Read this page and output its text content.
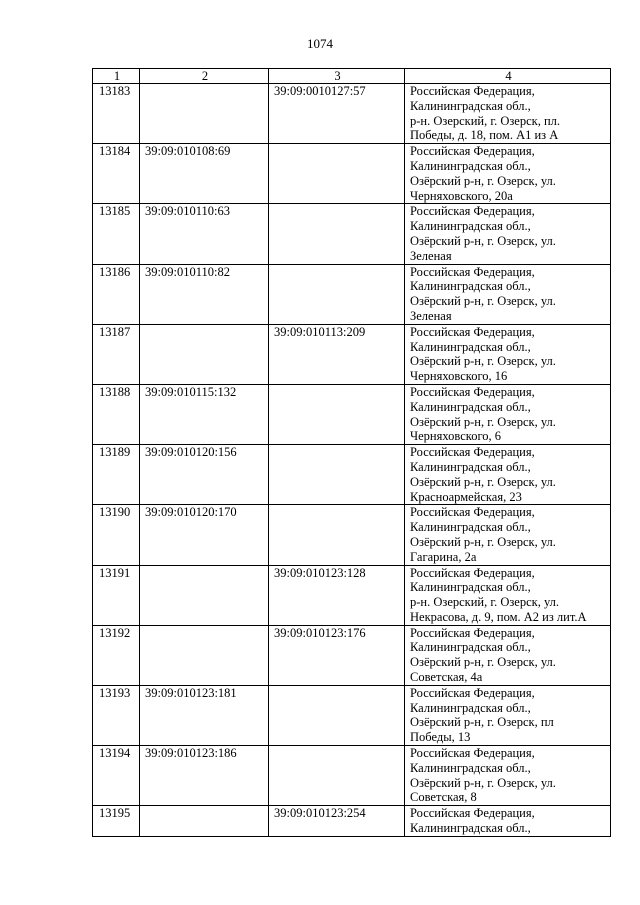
1074
1	2	3	4
13183		39:09:0010127:57	Российская Федерация,
Калининградская обл.,
р-н. Озерский, г. Озерск, пл.
Победы, д. 18, пом. А1 из А

13184	39:09:010108:69		Российская Федерация,
Калининградская обл.,
Озёрский р-н, г. Озерск, ул.
Черняховского, 20а

13185	39:09:010110:63		Российская Федерация,
Калининградская обл.,
Озёрский р-н, г. Озерск, ул.
Зеленая

13186	39:09:010110:82		Российская Федерация,
Калининградская обл.,
Озёрский р-н, г. Озерск, ул.
Зеленая

13187		39:09:010113:209	Российская Федерация,
Калининградская обл.,
Озёрский р-н, г. Озерск, ул.
Черняховского, 16

13188	39:09:010115:132		Российская Федерация,
Калининградская обл.,
Озёрский р-н, г. Озерск, ул.
Черняховского, 6

13189	39:09:010120:156		Российская Федерация,
Калининградская обл.,
Озёрский р-н, г. Озерск, ул.
Красноармейская, 23

13190	39:09:010120:170		Российская Федерация,
Калининградская обл.,
Озёрский р-н, г. Озерск, ул.
Гагарина, 2а

13191		39:09:010123:128	Российская Федерация,
Калининградская обл.,
р-н. Озерский, г. Озерск, ул.
Некрасова, д. 9, пом. А2 из лит.А

13192		39:09:010123:176	Российская Федерация,
Калининградская обл.,
Озёрский р-н, г. Озерск, ул.
Советская, 4а

13193	39:09:010123:181		Российская Федерация,
Калининградская обл.,
Озёрский р-н, г. Озерск, пл
Победы, 13

13194	39:09:010123:186		Российская Федерация,
Калининградская обл.,
Озёрский р-н, г. Озерск, ул.
Советская, 8

13195		39:09:010123:254	Российская Федерация,
Калининградская обл.,
